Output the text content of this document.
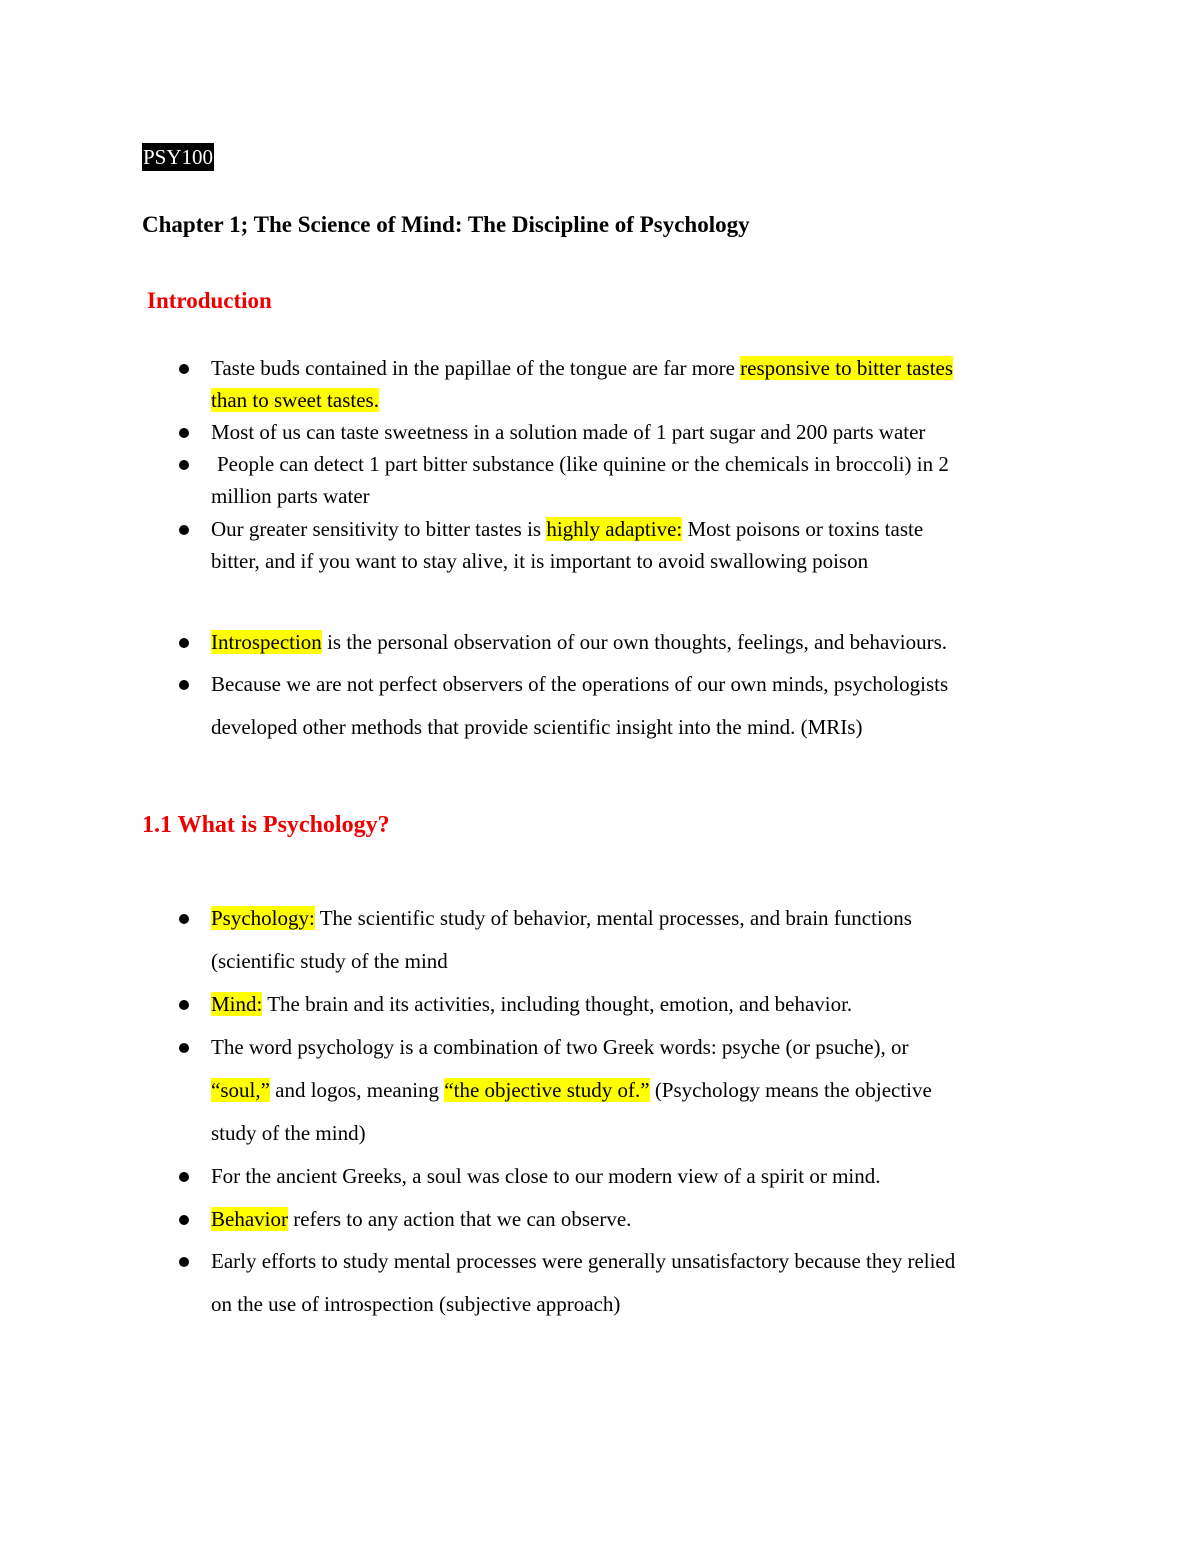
PSY100
Chapter 1; The Science of Mind: The Discipline of Psychology
Introduction
Taste buds contained in the papillae of the tongue are far more responsive to bitter tastes
than to sweet tastes.
Most of us can taste sweetness in a solution made of 1 part sugar and 200 parts water
People can detect 1 part bitter substance (like quinine or the chemicals in broccoli) in 2
million parts water
Our greater sensitivity to bitter tastes is highly adaptive: Most poisons or toxins taste
bitter, and if you want to stay alive, it is important to avoid swallowing poison
Introspection is the personal observation of our own thoughts, feelings, and behaviours.
Because we are not perfect observers of the operations of our own minds, psychologists
developed other methods that provide scientific insight into the mind. (MRIs)
1.1 What is Psychology?
Psychology: The scientific study of behavior, mental processes, and brain functions
(scientific study of the mind
Mind: The brain and its activities, including thought, emotion, and behavior.
The word psychology is a combination of two Greek words: psyche (or psuche), or
“soul,” and logos, meaning “the objective study of.” (Psychology means the objective
study of the mind)
For the ancient Greeks, a soul was close to our modern view of a spirit or mind.
Behavior refers to any action that we can observe.
Early efforts to study mental processes were generally unsatisfactory because they relied
on the use of introspection (subjective approach)
